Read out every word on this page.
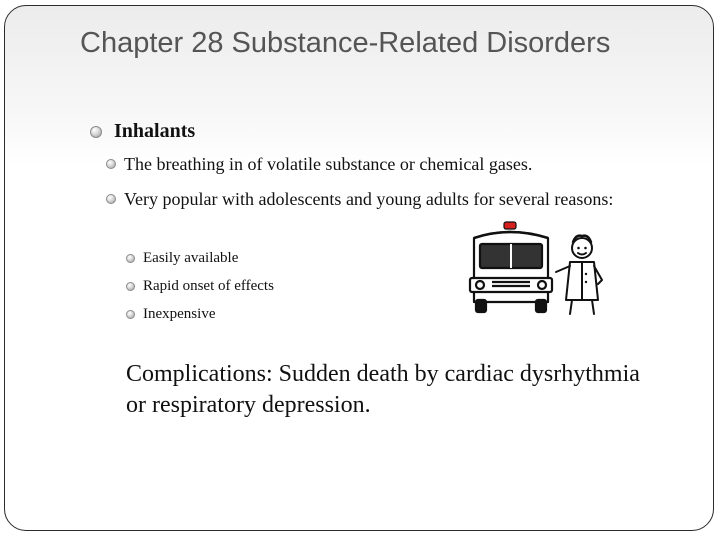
Chapter 28 Substance-Related Disorders
Inhalants
The breathing in of volatile substance or chemical gases.
Very popular with adolescents and young adults for several reasons:
Easily available
Rapid onset of effects
Inexpensive
Complications: Sudden death by cardiac dysrhythmia or respiratory depression.
